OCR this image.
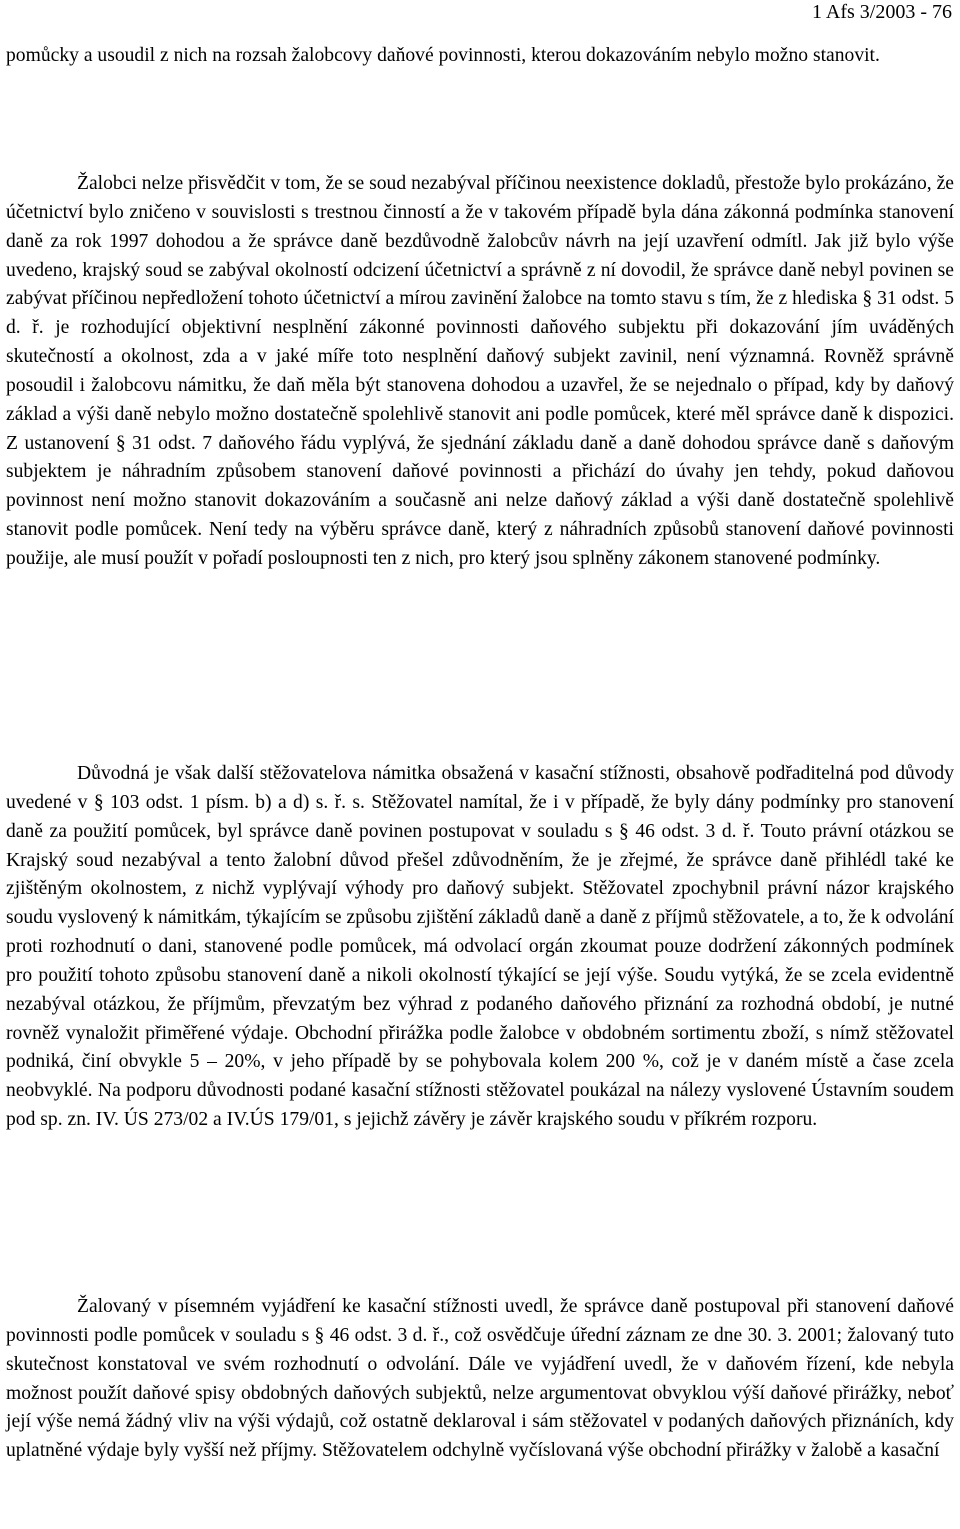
1 Afs 3/2003 - 76

pomůcky a usoudil z nich na rozsah žalobcovy daňové povinnosti, kterou dokazováním nebylo možno stanovit.

Žalobci nelze přisvědčit v tom, že se soud nezabýval příčinou neexistence dokladů, přestože bylo prokázáno, že účetnictví bylo zničeno v souvislosti s trestnou činností a že v takovém případě byla dána zákonná podmínka stanovení daně za rok 1997 dohodou a že správce daně bezdůvodně žalobcův návrh na její uzavření odmítl. Jak již bylo výše uvedeno, krajský soud se zabýval okolností odcizení účetnictví a správně z ní dovodil, že správce daně nebyl povinen se zabývat příčinou nepředložení tohoto účetnictví a mírou zavinění žalobce na tomto stavu s tím, že z hlediska § 31 odst. 5 d. ř. je rozhodující objektivní nesplnění zákonné povinnosti daňového subjektu při dokazování jím uváděných skutečností a okolnost, zda a v jaké míře toto nesplnění daňový subjekt zavinil, není významná. Rovněž správně posoudil i žalobcovu námitku, že daň měla být stanovena dohodou a uzavřel, že se nejednalo o případ, kdy by daňový základ a výši daně nebylo možno dostatečně spolehlivě stanovit ani podle pomůcek, které měl správce daně k dispozici. Z ustanovení § 31 odst. 7 daňového řádu vyplývá, že sjednání základu daně a daně dohodou správce daně s daňovým subjektem je náhradním způsobem stanovení daňové povinnosti a přichází do úvahy jen tehdy, pokud daňovou povinnost není možno stanovit dokazováním a současně ani nelze daňový základ a výši daně dostatečně spolehlivě stanovit podle pomůcek. Není tedy na výběru správce daně, který z náhradních způsobů stanovení daňové povinnosti použije, ale musí použít v pořadí posloupnosti ten z nich, pro který jsou splněny zákonem stanovené podmínky.

Důvodná je však další stěžovatelova námitka obsažená v kasační stížnosti, obsahově podřaditelná pod důvody uvedené v § 103 odst. 1 písm. b) a d) s. ř. s. Stěžovatel namítal, že i v případě, že byly dány podmínky pro stanovení daně za použití pomůcek, byl správce daně povinen postupovat v souladu s § 46 odst. 3 d. ř. Touto právní otázkou se Krajský soud nezabýval a tento žalobní důvod přešel zdůvodněním, že je zřejmé, že správce daně přihlédl také ke zjištěným okolnostem, z nichž vyplývají výhody pro daňový subjekt. Stěžovatel zpochybnil právní názor krajského soudu vyslovený k námitkám, týkajícím se způsobu zjištění základů daně a daně z příjmů stěžovatele, a to, že k odvolání proti rozhodnutí o dani, stanovené podle pomůcek, má odvolací orgán zkoumat pouze dodržení zákonných podmínek pro použití tohoto způsobu stanovení daně a nikoli okolností týkající se její výše. Soudu vytýká, že se zcela evidentně nezabýval otázkou, že příjmům, převzatým bez výhrad z podaného daňového přiznání za rozhodná období, je nutné rovněž vynaložit přiměřené výdaje. Obchodní přirážka podle žalobce v obdobném sortimentu zboží, s nímž stěžovatel podniká, činí obvykle 5 – 20%, v jeho případě by se pohybovala kolem 200 %, což je v daném místě a čase zcela neobvyklé. Na podporu důvodnosti podané kasační stížnosti stěžovatel poukázal na nálezy vyslovené Ústavním soudem pod sp. zn. IV. ÚS 273/02 a IV.ÚS 179/01, s jejichž závěry je závěr krajského soudu v příkrém rozporu.

Žalovaný v písemném vyjádření ke kasační stížnosti uvedl, že správce daně postupoval při stanovení daňové povinnosti podle pomůcek v souladu s § 46 odst. 3 d. ř., což osvědčuje úřední záznam ze dne 30. 3. 2001; žalovaný tuto skutečnost konstatoval ve svém rozhodnutí o odvolání. Dále ve vyjádření uvedl, že v daňovém řízení, kde nebyla možnost použít daňové spisy obdobných daňových subjektů, nelze argumentovat obvyklou výší daňové přirážky, neboť její výše nemá žádný vliv na výši výdajů, což ostatně deklaroval i sám stěžovatel v podaných daňových přiznáních, kdy uplatněné výdaje byly vyšší než příjmy. Stěžovatelem odchylně vyčíslovaná výše obchodní přirážky v žalobě a kasační
